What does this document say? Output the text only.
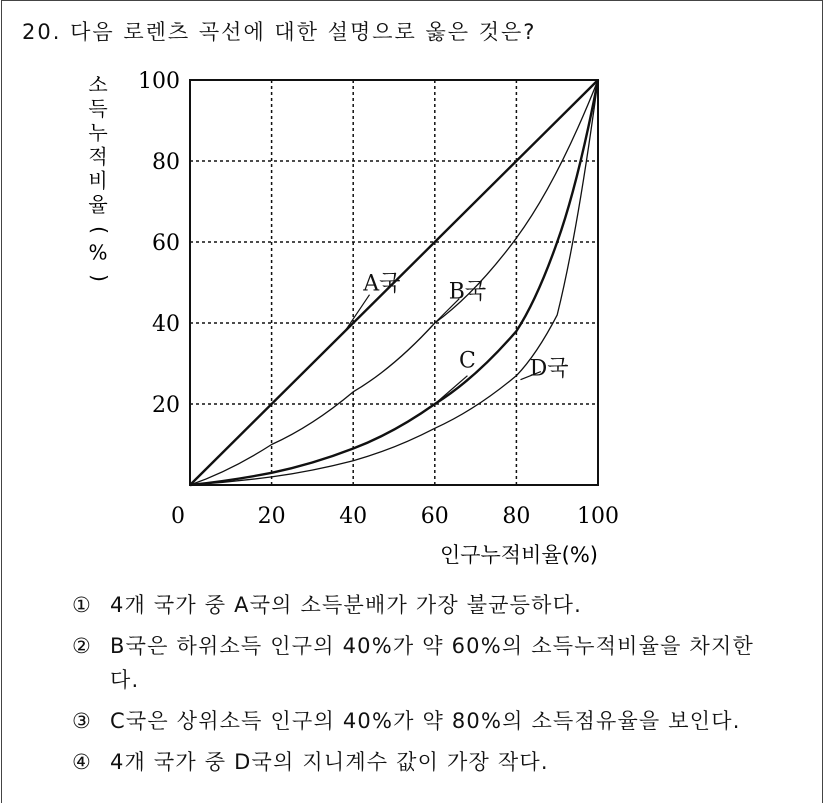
20. 다음 로렌츠 곡선에 대한 설명으로 옳은 것은?
A국 B국
C D국
0	20 40 60 80 100
20
40
60
80
100
소
득
누
적
비
율
(
%
)
인구누적비율(%)
① 4개 국가 중 A국의 소득분배가 가장 불균등하다.
② B국은 하위소득 인구의 40%가 약 60%의 소득누적비율을 차지한다.
③ C국은 상위소득 인구의 40%가 약 80%의 소득점유율을 보인다.
④ 4개 국가 중 D국의 지니계수 값이 가장 작다.
